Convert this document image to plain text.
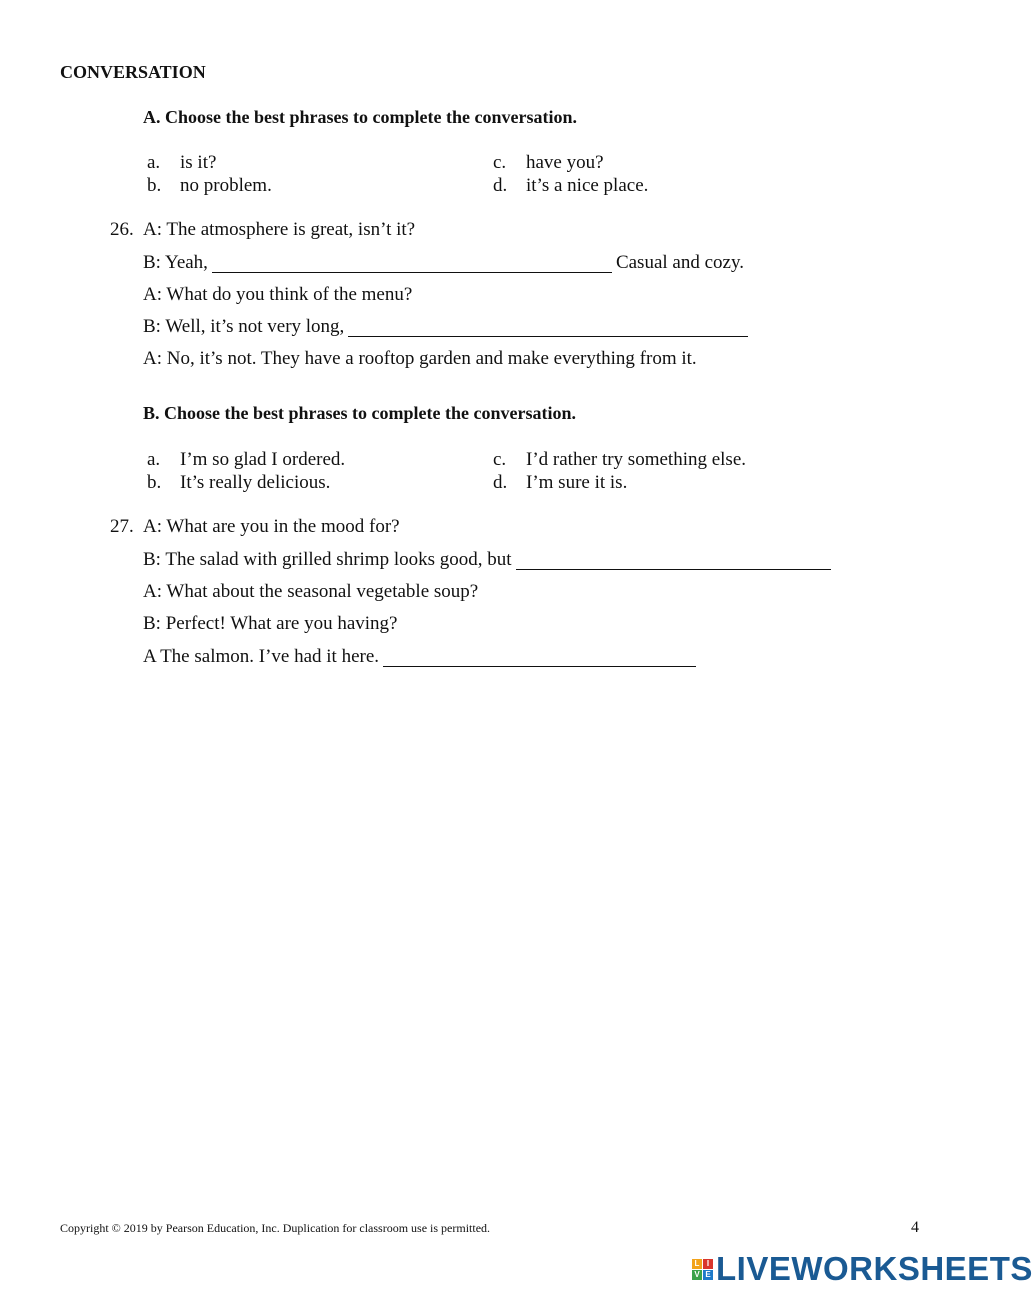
CONVERSATION
A. Choose the best phrases to complete the conversation.
a. is it?
b. no problem.
c. have you?
d. it’s a nice place.
26. A: The atmosphere is great, isn’t it?
B: Yeah,	Casual and cozy.
A: What do you think of the menu?
B: Well, it’s not very long,
A: No, it’s not. They have a rooftop garden and make everything from it.
B. Choose the best phrases to complete the conversation.
a. I’m so glad I ordered.
b. It’s really delicious.
c. I’d rather try something else.
d. I’m sure it is.
27. A: What are you in the mood for?
B: The salad with grilled shrimp looks good, but
A: What about the seasonal vegetable soup?
B: Perfect! What are you having?
A The salmon. I’ve had it here.
Copyright © 2019 by Pearson Education, Inc. Duplication for classroom use is permitted.	4
L I
V E LIVEWORKSHEETS
